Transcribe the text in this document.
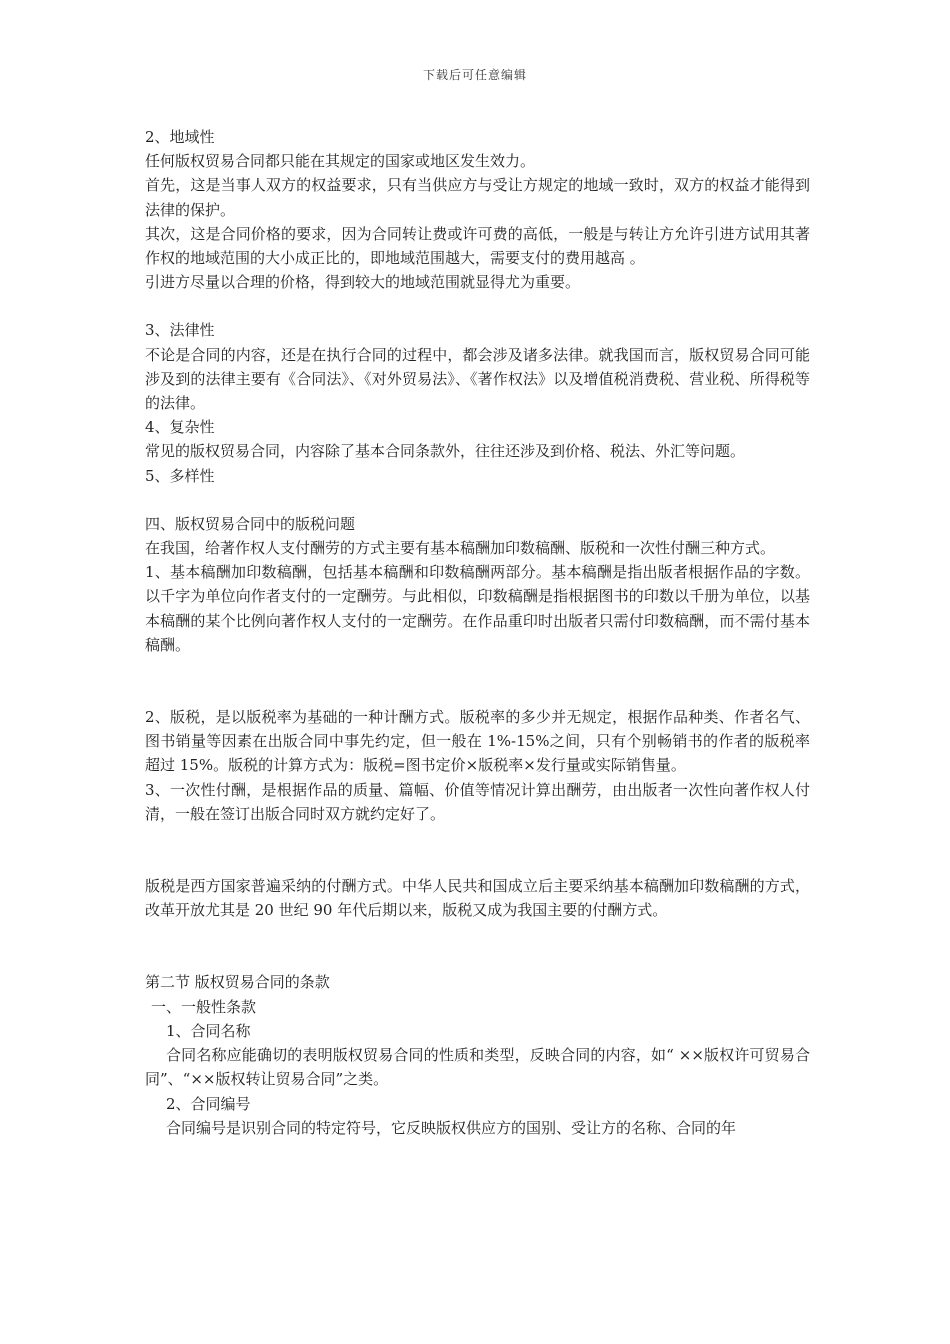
下载后可任意编辑

2、地域性

任何版权贸易合同都只能在其规定的国家或地区发生效力。

首先，这是当事人双方的权益要求，只有当供应方与受让方规定的地域一致时，双方的权益才能得到法律的保护。

其次，这是合同价格的要求，因为合同转让费或许可费的高低，一般是与转让方允许引进方试用其著作权的地域范围的大小成正比的，即地域范围越大，需要支付的费用越高 。

引进方尽量以合理的价格，得到较大的地域范围就显得尤为重要。

3、法律性

不论是合同的内容，还是在执行合同的过程中，都会涉及诸多法律。就我国而言，版权贸易合同可能涉及到的法律主要有《合同法》、《对外贸易法》、《著作权法》以及增值税消费税、营业税、所得税等的法律。

4、复杂性

常见的版权贸易合同，内容除了基本合同条款外，往往还涉及到价格、税法、外汇等问题。

5、多样性

四、版权贸易合同中的版税问题

在我国，给著作权人支付酬劳的方式主要有基本稿酬加印数稿酬、版税和一次性付酬三种方式。

1、基本稿酬加印数稿酬，包括基本稿酬和印数稿酬两部分。基本稿酬是指出版者根据作品的字数。以千字为单位向作者支付的一定酬劳。与此相似，印数稿酬是指根据图书的印数以千册为单位，以基本稿酬的某个比例向著作权人支付的一定酬劳。在作品重印时出版者只需付印数稿酬，而不需付基本稿酬。

2、版税，是以版税率为基础的一种计酬方式。版税率的多少并无规定，根据作品种类、作者名气、图书销量等因素在出版合同中事先约定，但一般在 1%-15%之间，只有个别畅销书的作者的版税率超过 15%。版税的计算方式为：版税=图书定价×版税率×发行量或实际销售量。

3、一次性付酬，是根据作品的质量、篇幅、价值等情况计算出酬劳，由出版者一次性向著作权人付清，一般在签订出版合同时双方就约定好了。

版税是西方国家普遍采纳的付酬方式。中华人民共和国成立后主要采纳基本稿酬加印数稿酬的方式，改革开放尤其是 20 世纪 90 年代后期以来，版税又成为我国主要的付酬方式。

第二节 版权贸易合同的条款

一、一般性条款

1、合同名称

合同名称应能确切的表明版权贸易合同的性质和类型，反映合同的内容，如“ ××版权许可贸易合同”、“××版权转让贸易合同”之类。

2、合同编号

合同编号是识别合同的特定符号，它反映版权供应方的国别、受让方的名称、合同的年
